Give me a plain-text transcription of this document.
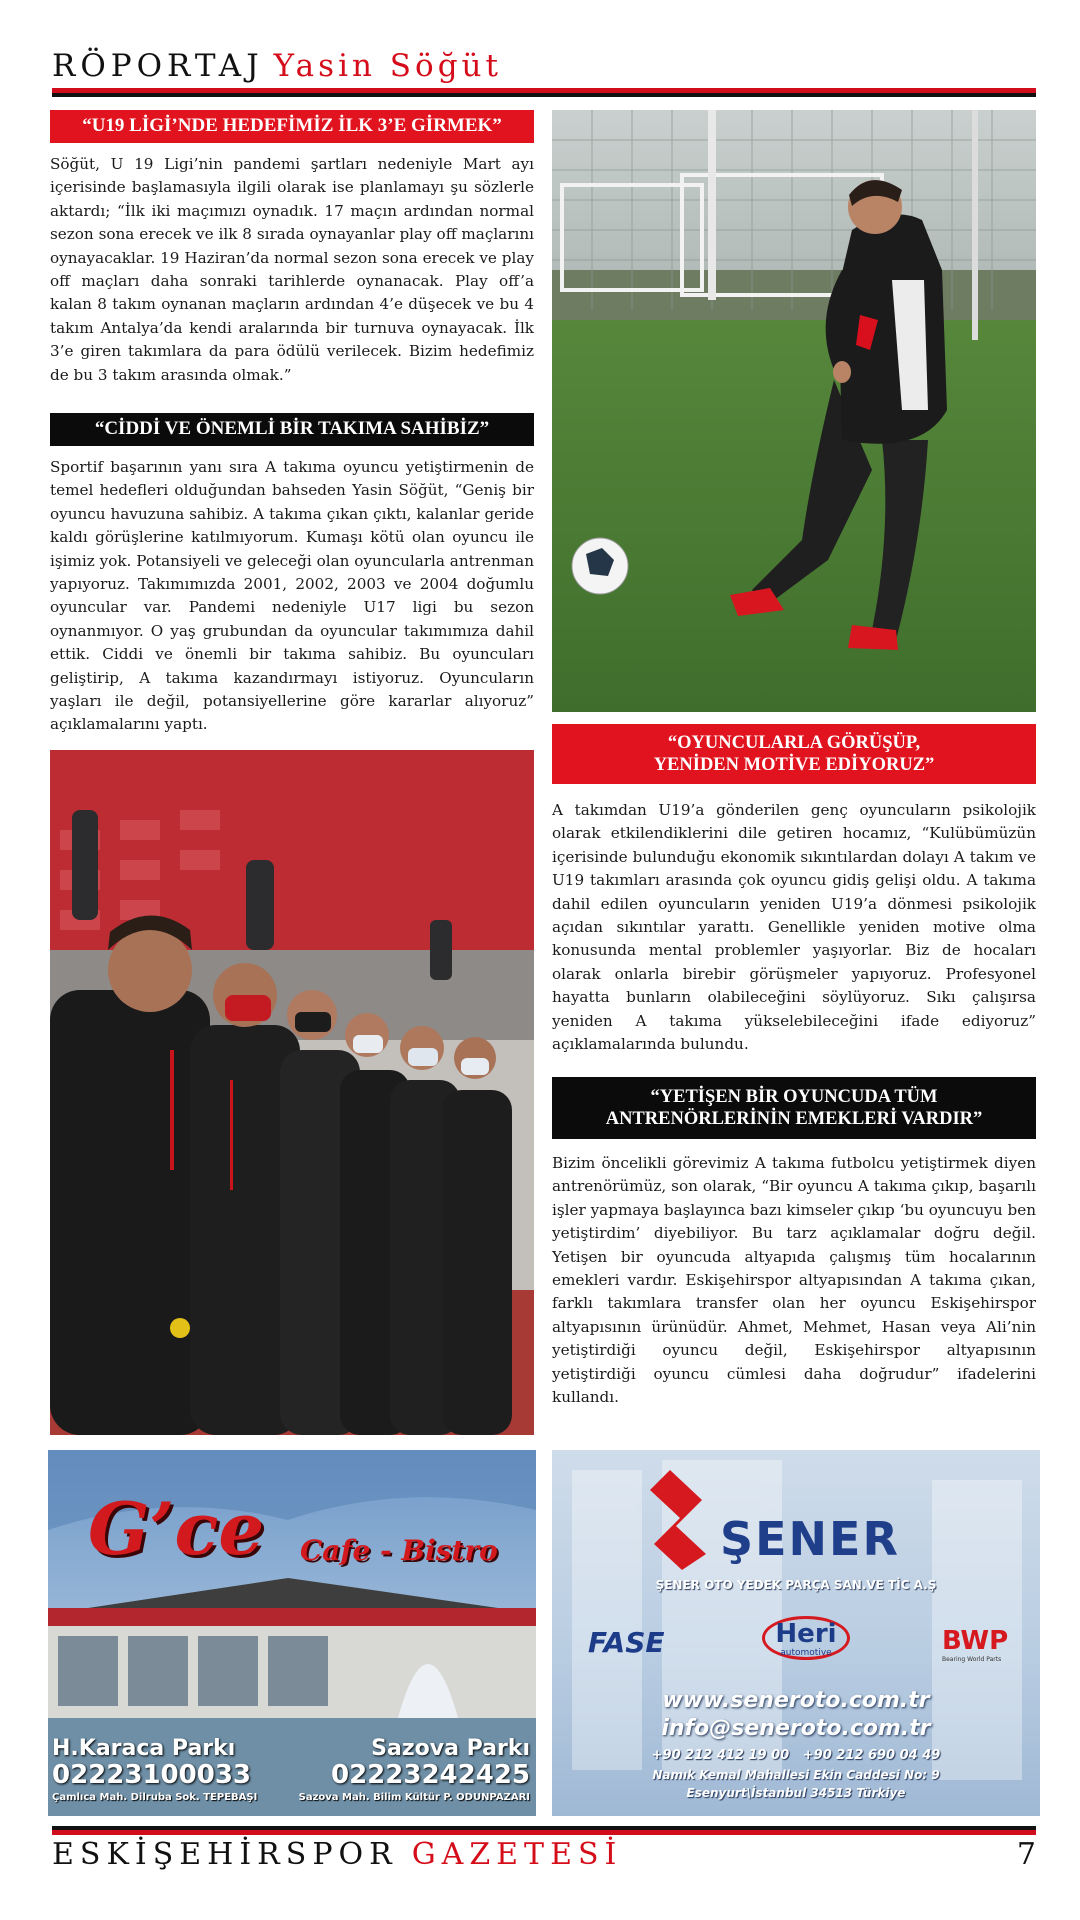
RÖPORTAJ Yasin Söğüt
“U19 LİGİ’NDE HEDEFİMİZ İLK 3’E GİRMEK”
Söğüt, U 19 Ligi’nin pandemi şartları nedeniyle Mart ayı içerisinde başlamasıyla ilgili olarak ise planlamayı şu sözlerle aktardı; “İlk iki maçımızı oynadık. 17 maçın ardından normal sezon sona erecek ve ilk 8 sırada oynayanlar play off maçlarını oynayacaklar. 19 Haziran’da normal sezon sona erecek ve play off maçları daha sonraki tarihlerde oynanacak. Play off’a kalan 8 takım oynanan maçların ardından 4’e düşecek ve bu 4 takım Antalya’da kendi aralarında bir turnuva oynayacak. İlk 3’e giren takımlara da para ödülü verilecek. Bizim hedefimiz de bu 3 takım arasında olmak.”
“CİDDİ VE ÖNEMLİ BİR TAKIMA SAHİBİZ”
Sportif başarının yanı sıra A takıma oyuncu yetiştirmenin de temel hedefleri olduğundan bahseden Yasin Söğüt, “Geniş bir oyuncu havuzuna sahibiz. A takıma çıkan çıktı, kalanlar geride kaldı görüşlerine katılmıyorum. Kumaşı kötü olan oyuncu ile işimiz yok. Potansiyeli ve geleceği olan oyuncularla antrenman yapıyoruz. Takımımızda 2001, 2002, 2003 ve 2004 doğumlu oyuncular var. Pandemi nedeniyle U17 ligi bu sezon oynanmıyor. O yaş grubundan da oyuncular takımımıza dahil ettik. Ciddi ve önemli bir takıma sahibiz. Bu oyuncuları geliştirip, A takıma kazandırmayı istiyoruz. Oyuncuların yaşları ile değil, potansiyellerine göre kararlar alıyoruz” açıklamalarını yaptı.
“OYUNCULARLA GÖRÜŞÜP,
YENİDEN MOTİVE EDİYORUZ”
A takımdan U19’a gönderilen genç oyuncuların psikolojik olarak etkilendiklerini dile getiren hocamız, “Kulübümüzün içerisinde bulunduğu ekonomik sıkıntılardan dolayı A takım ve U19 takımları arasında çok oyuncu gidiş gelişi oldu. A takıma dahil edilen oyuncuların yeniden U19’a dönmesi psikolojik açıdan sıkıntılar yarattı. Genellikle yeniden motive olma konusunda mental problemler yaşıyorlar. Biz de hocaları olarak onlarla birebir görüşmeler yapıyoruz. Profesyonel hayatta bunların olabileceğini söylüyoruz. Sıkı çalışırsa yeniden A takıma yükselebileceğini ifade ediyoruz” açıklamalarında bulundu.
“YETİŞEN BİR OYUNCUDA TÜM
ANTRENÖRLERİNİN EMEKLERİ VARDIR”
Bizim öncelikli görevimiz A takıma futbolcu yetiştirmek diyen antrenörümüz, son olarak, “Bir oyuncu A takıma çıkıp, başarılı işler yapmaya başlayınca bazı kimseler çıkıp ‘bu oyuncuyu ben yetiştirdim’ diyebiliyor. Bu tarz açıklamalar doğru değil. Yetişen bir oyuncuda altyapıda çalışmış tüm hocalarının emekleri vardır. Eskişehirspor altyapısından A takıma çıkan, farklı takımlara transfer olan her oyuncu Eskişehirspor altyapısının ürünüdür. Ahmet, Mehmet, Hasan veya Ali’nin yetiştirdiği oyuncu değil, Eskişehirspor altyapısının yetiştirdiği oyuncu cümlesi daha doğrudur” ifadelerini kullandı.
G’ce Cafe - Bistro
H.Karaca Parkı
02223100033
Çamlıca Mah. Dilruba Sok. TEPEBAŞI
Sazova Parkı
02223242425
Sazova Mah. Bilim Kültür P. ODUNPAZARI
ŞENER
ŞENER OTO YEDEK PARÇA SAN.VE TİC A.Ş
FASE	Heri
automotive	BWP
Bearing World Parts
www.seneroto.com.tr
info@seneroto.com.tr
+90 212 412 19 00   +90 212 690 04 49
Namık Kemal Mahallesi Ekin Caddesi No: 9
Esenyurt\İstanbul 34513 Türkiye
ESKİŞEHİRSPOR GAZETESİ	7
